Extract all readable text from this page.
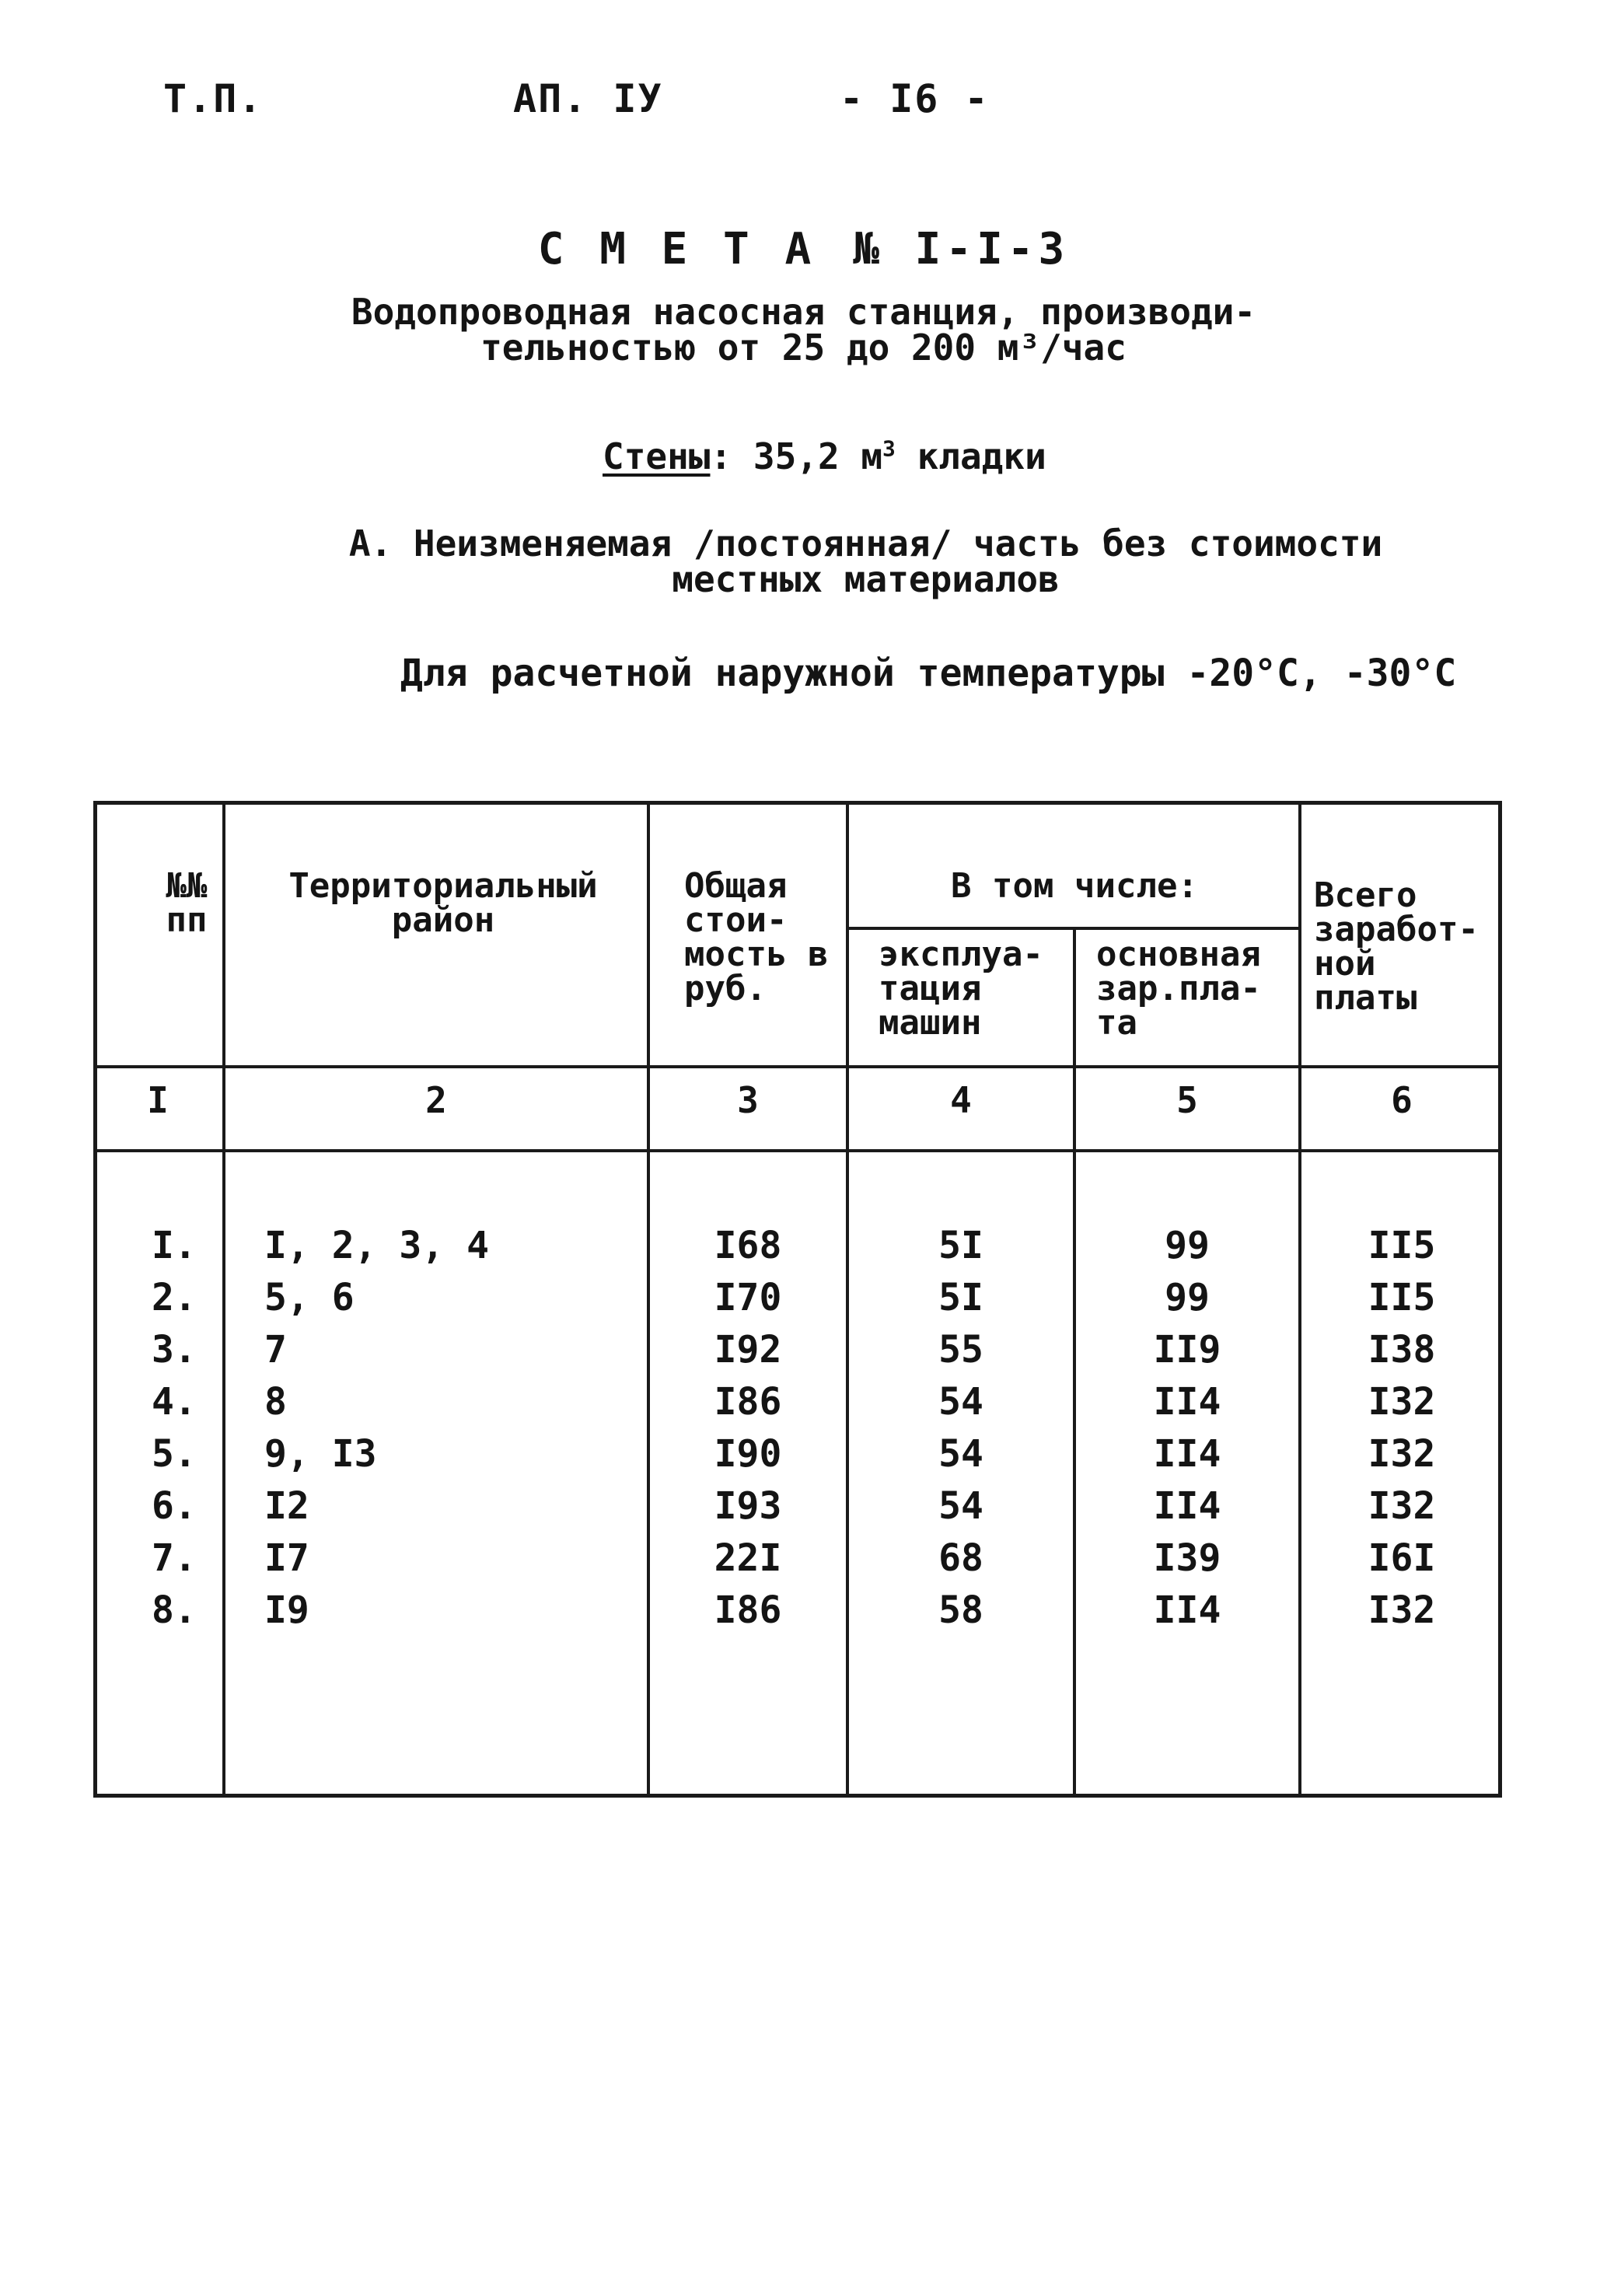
Т.П.	АП. IУ	- I6 -
С М Е Т А № I-I-3
Водопроводная насосная станция, производи-
тельностью от 25 до 200 м³/час
Стены: 35,2 $м^3$ кладки
А. Неизменяемая /постоянная/ часть без стоимости
местных материалов
Для расчетной наружной температуры -20°С, -30°С
№№ пп
Территориальный район
Общая стои- мость в руб.
В том числе:
эксплуа- тация машин
основная зар.пла- та
Всего заработ- ной платы
I	2	3	4	5	6
I.	I, 2, 3, 4	I68	5I	99	II5
2.	5, 6	I70	5I	99	II5
3.	7	I92	55	II9	I38
4.	8	I86	54	II4	I32
5.	9, I3	I90	54	II4	I32
6.	I2	I93	54	II4	I32
7.	I7	22I	68	I39	I6I
8.	I9	I86	58	II4	I32
